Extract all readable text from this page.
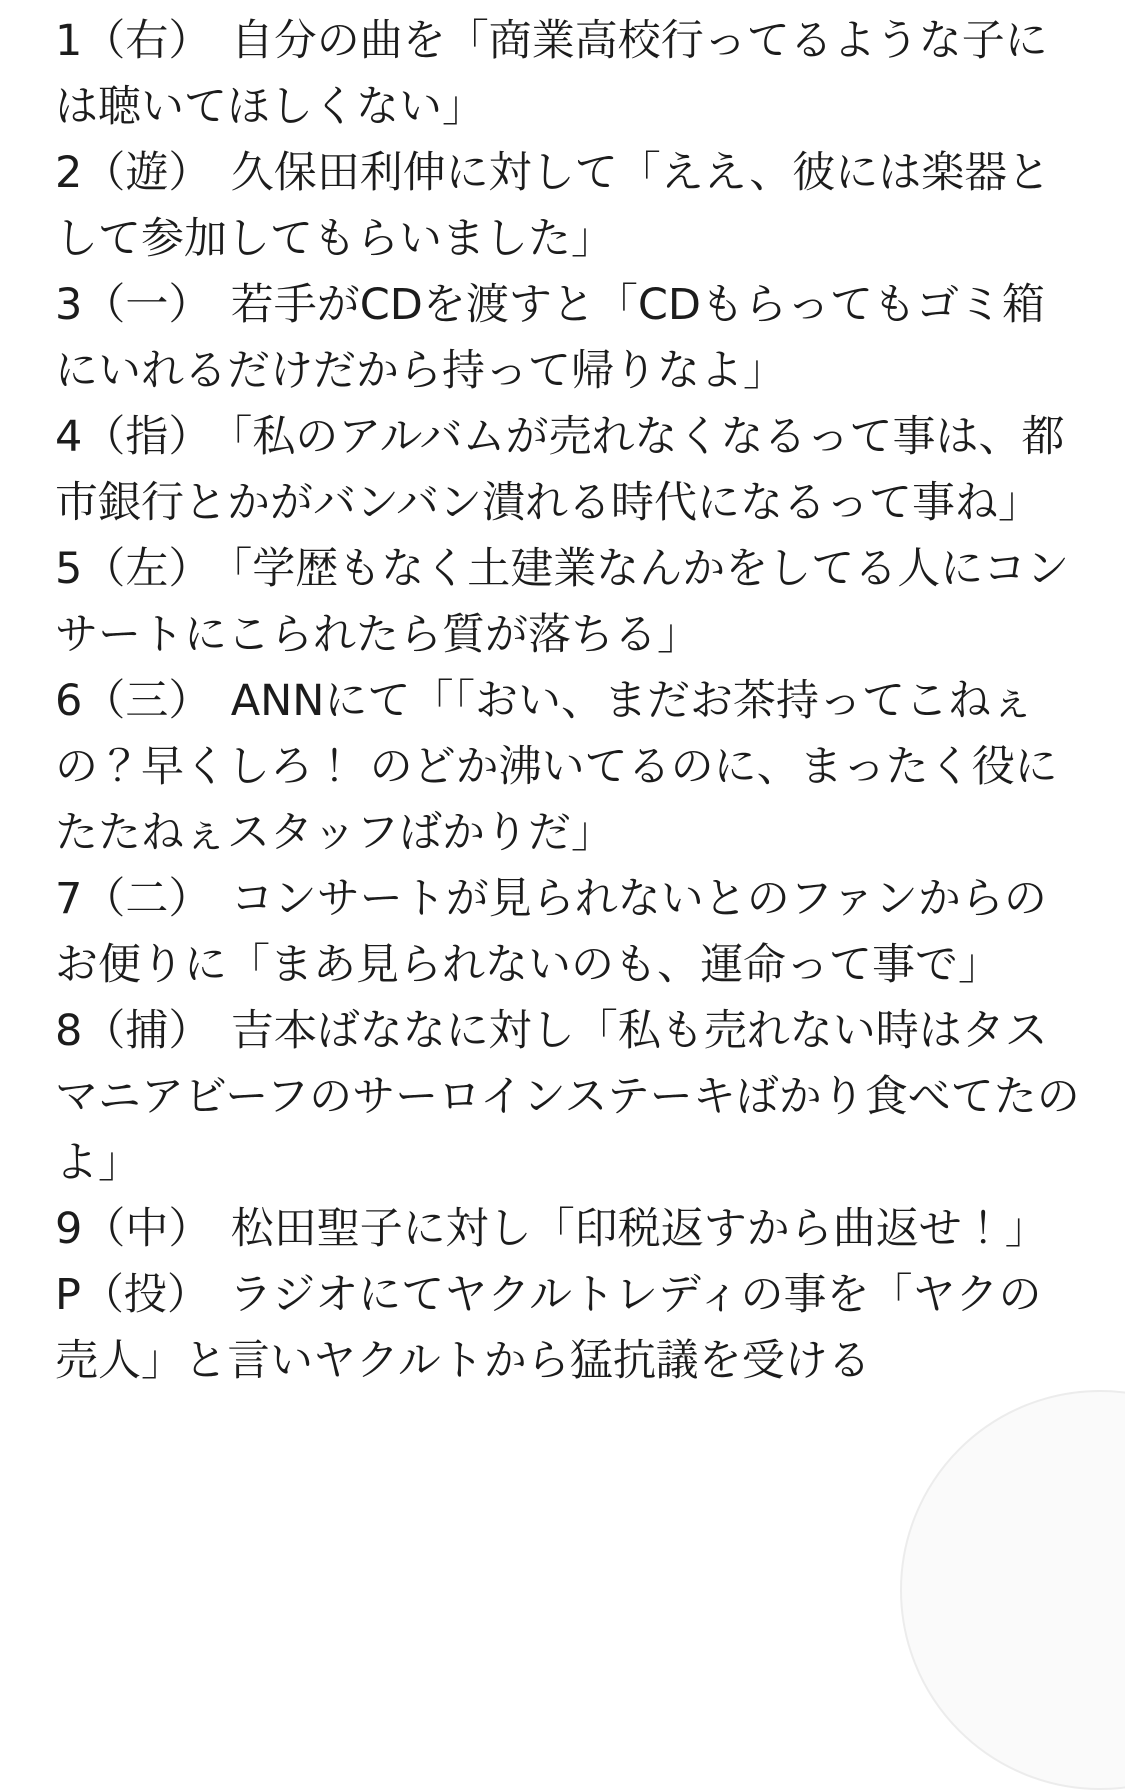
1（右） 自分の曲を「商業高校行ってるような子には聴いてほしくない」

2（遊） 久保田利伸に対して「ええ、彼には楽器として参加してもらいました」

3（一） 若手がCDを渡すと「CDもらってもゴミ箱にいれるだけだから持って帰りなよ」

4（指） 「私のアルバムが売れなくなるって事は、都市銀行とかがバンバン潰れる時代になるって事ね」

5（左） 「学歴もなく土建業なんかをしてる人にコンサートにこられたら質が落ちる」

6（三） ANNにて「「おい、まだお茶持ってこねぇの？早くしろ！ のどか沸いてるのに、まったく役にたたねぇスタッフばかりだ」

7（二） コンサートが見られないとのファンからのお便りに「まあ見られないのも、運命って事で」

8（捕） 吉本ばななに対し「私も売れない時はタスマニアビーフのサーロインステーキばかり食べてたのよ」

9（中） 松田聖子に対し「印税返すから曲返せ！」

P（投） ラジオにてヤクルトレディの事を「ヤクの売人」と言いヤクルトから猛抗議を受ける
